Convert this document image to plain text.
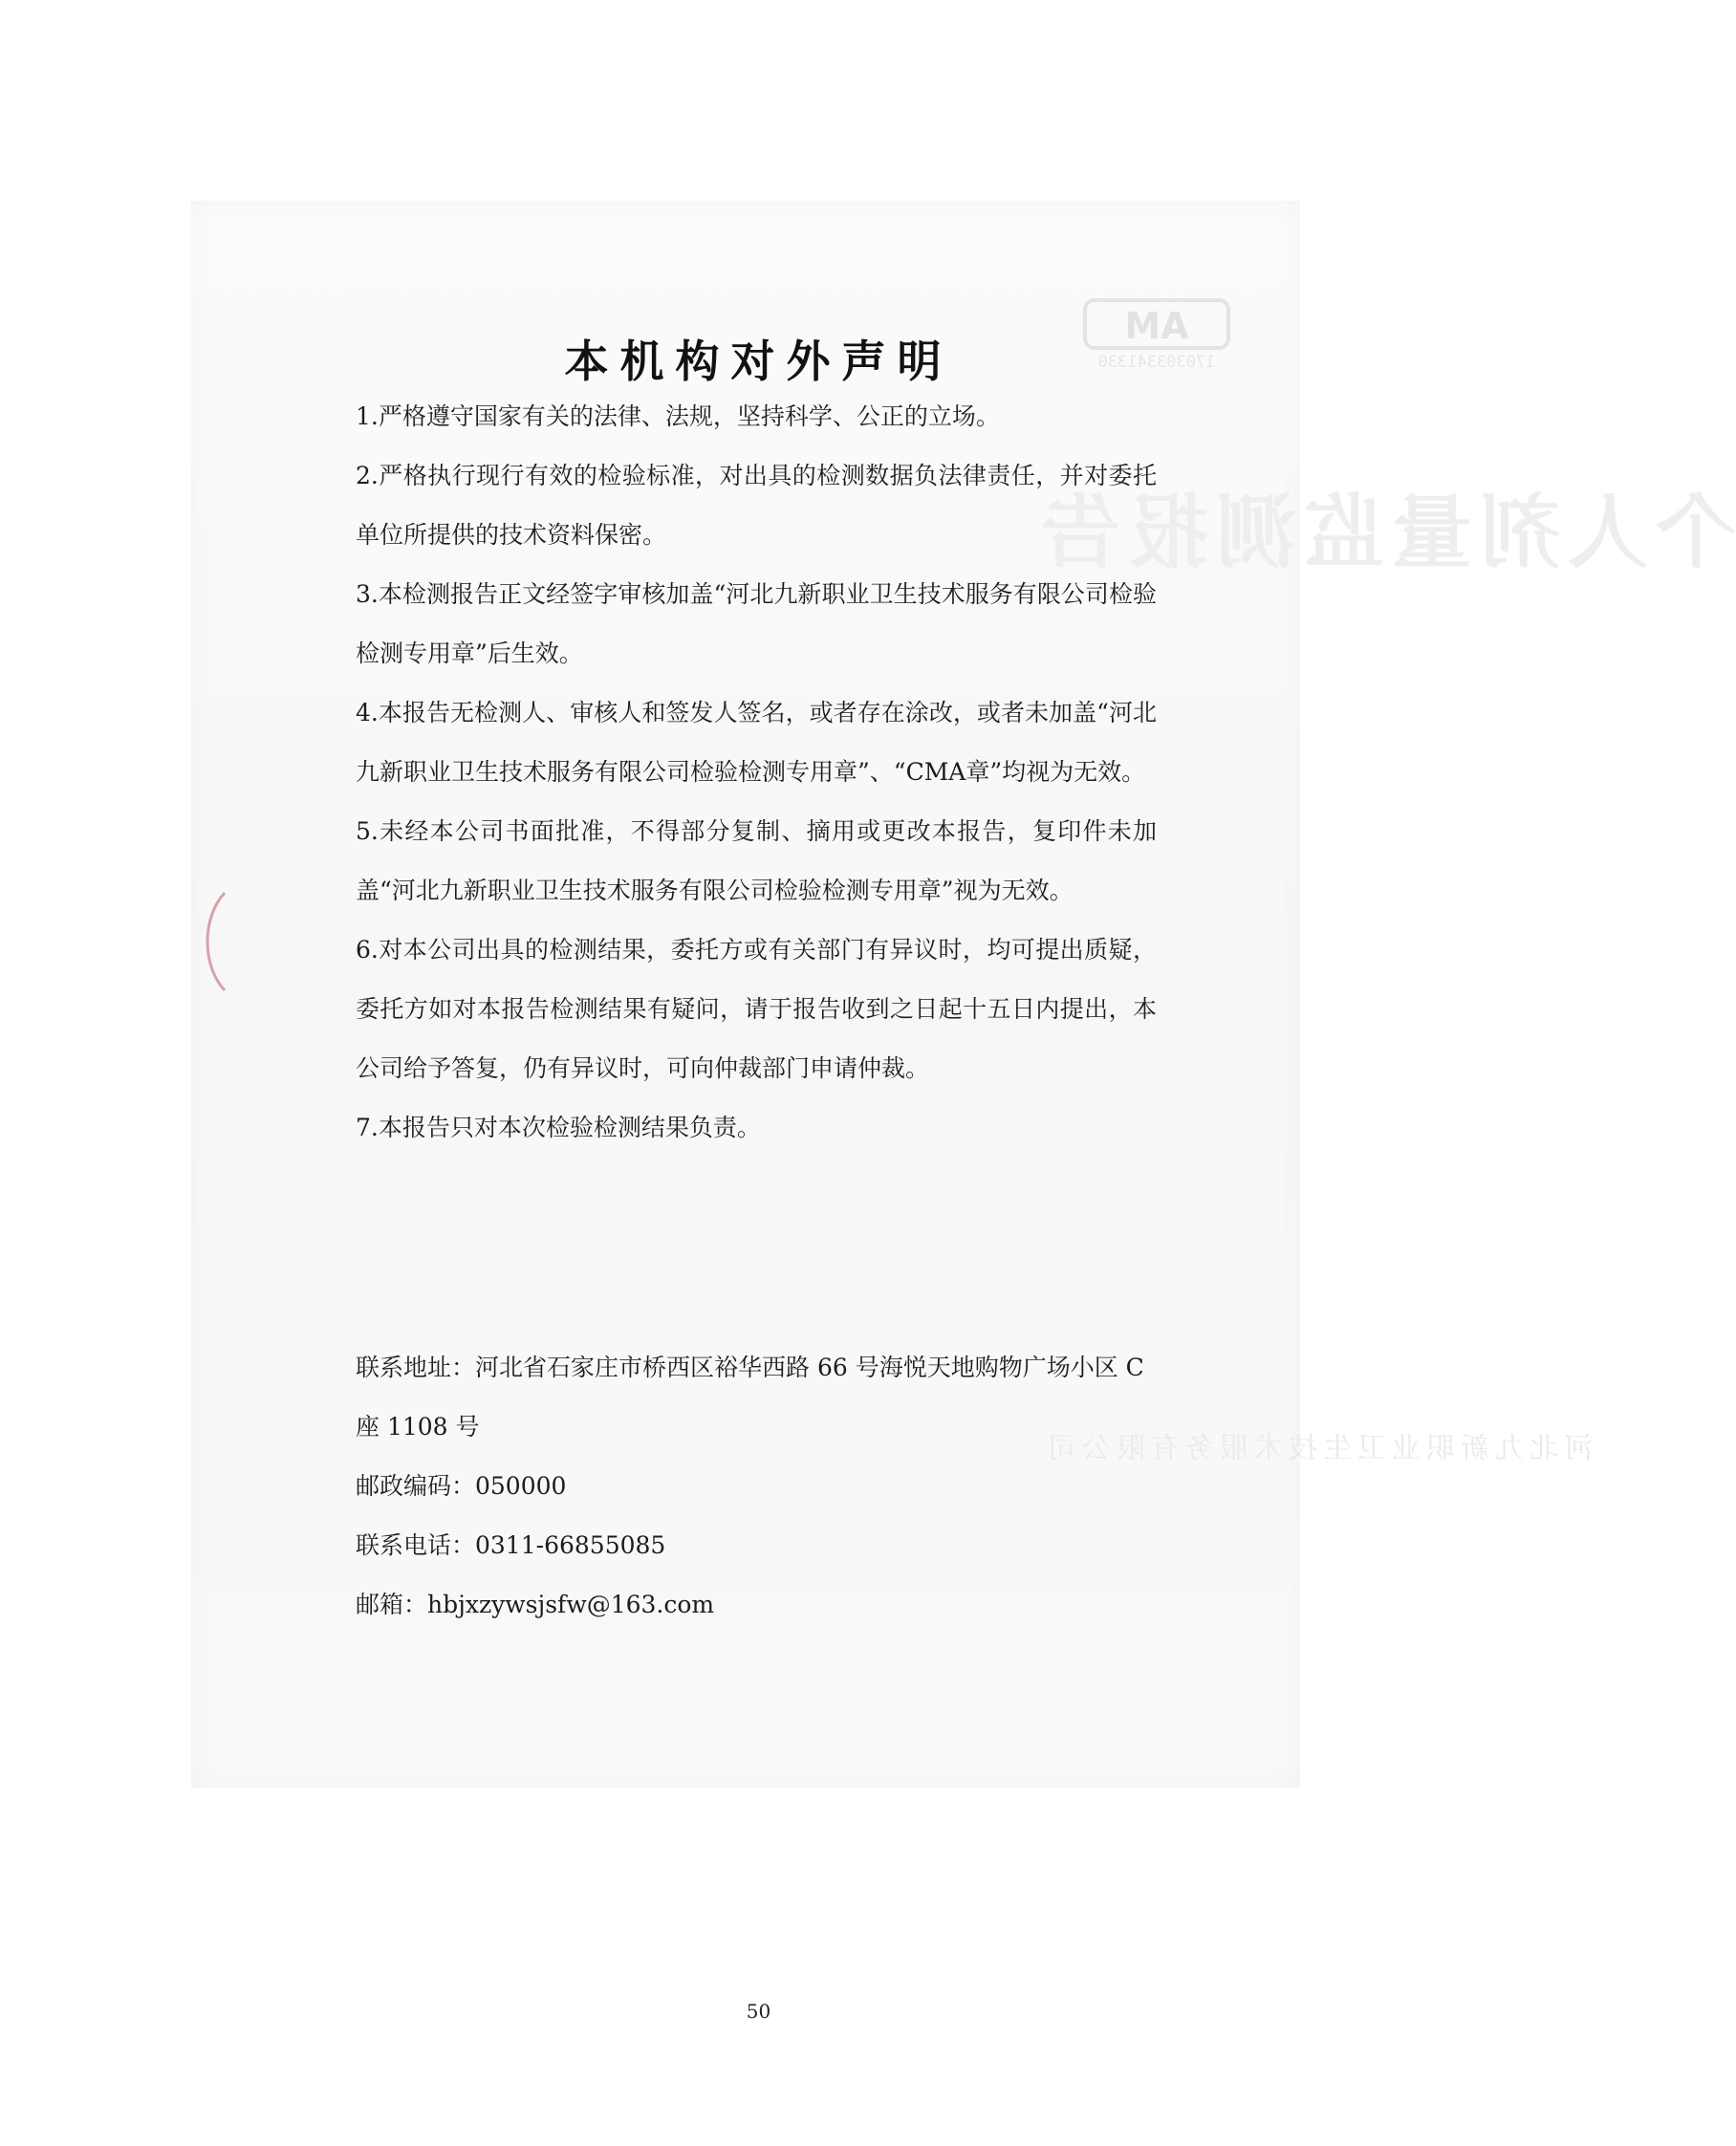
个人剂量监测报告
河北九新职业卫生技术服务有限公司
MA
170303341330
本机构对外声明

1.严格遵守国家有关的法律、法规，坚持科学、公正的立场。

2.严格执行现行有效的检验标准，对出具的检测数据负法律责任，并对委托单位所提供的技术资料保密。

3.本检测报告正文经签字审核加盖“河北九新职业卫生技术服务有限公司检验检测专用章”后生效。

4.本报告无检测人、审核人和签发人签名，或者存在涂改，或者未加盖“河北九新职业卫生技术服务有限公司检验检测专用章”、“CMA章”均视为无效。

5.未经本公司书面批准，不得部分复制、摘用或更改本报告，复印件未加盖“河北九新职业卫生技术服务有限公司检验检测专用章”视为无效。

6.对本公司出具的检测结果，委托方或有关部门有异议时，均可提出质疑，委托方如对本报告检测结果有疑问，请于报告收到之日起十五日内提出，本公司给予答复，仍有异议时，可向仲裁部门申请仲裁。

7.本报告只对本次检验检测结果负责。

联系地址：河北省石家庄市桥西区裕华西路 66 号海悦天地购物广场小区 C 座 1108 号

邮政编码：050000

联系电话：0311-66855085

邮箱：hbjxzywsjsfw@163.com

50
